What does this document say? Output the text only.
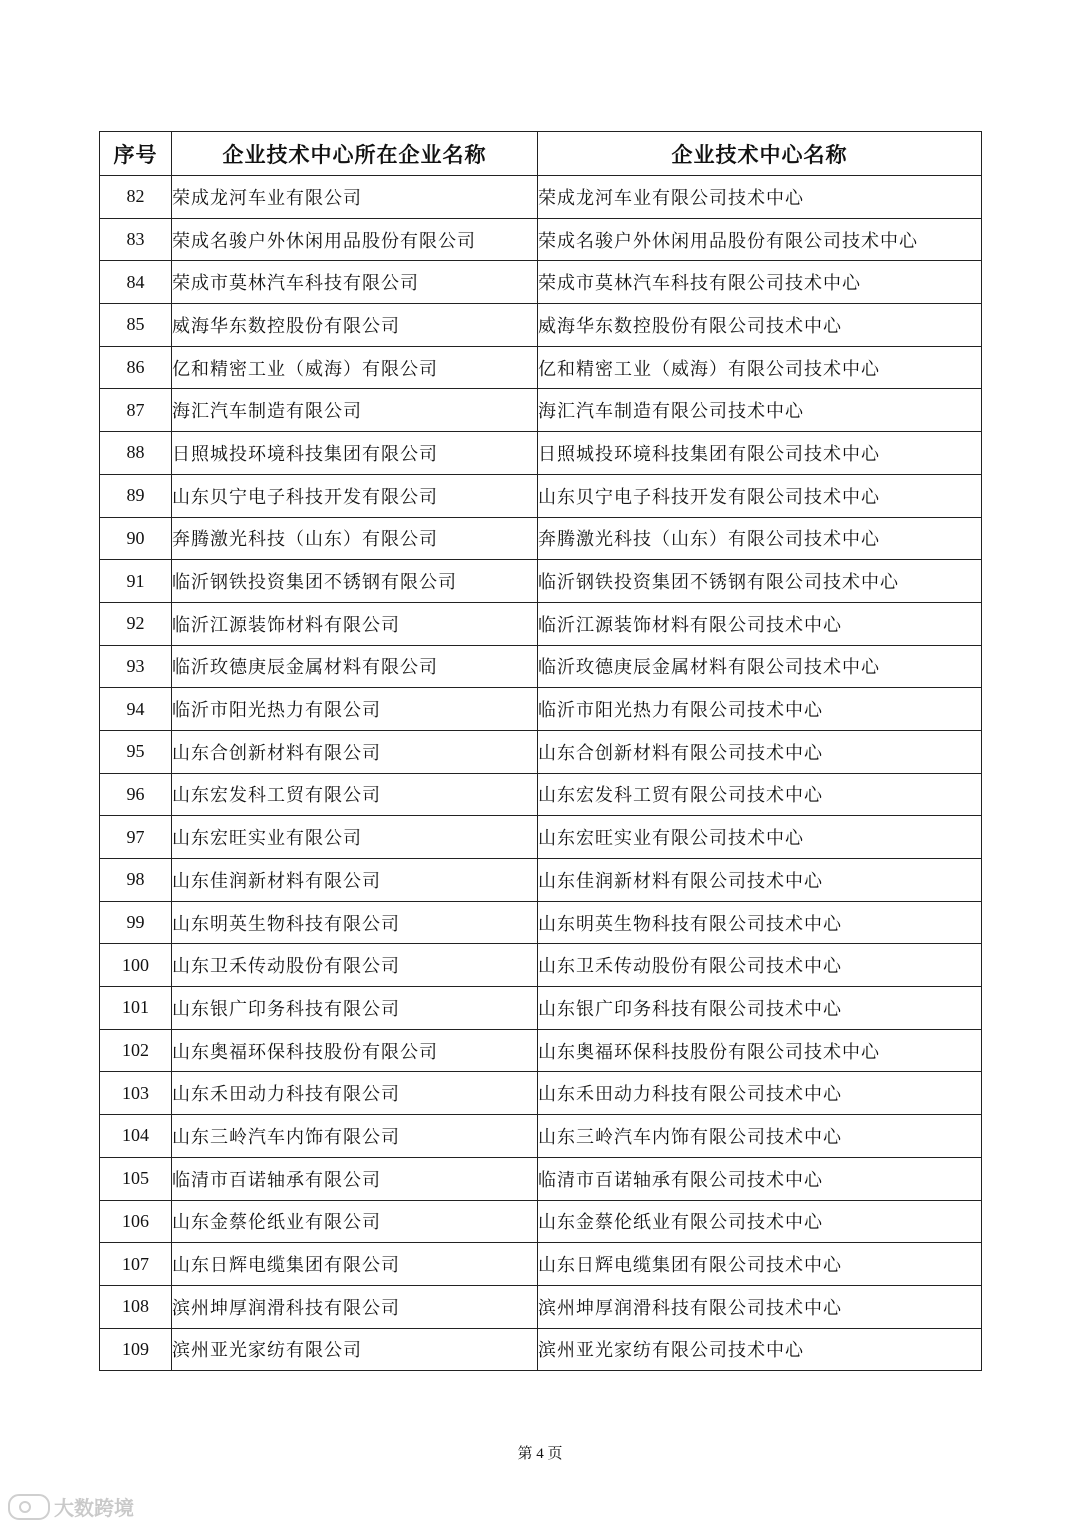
序号	企业技术中心所在企业名称	企业技术中心名称
82	荣成龙河车业有限公司	荣成龙河车业有限公司技术中心
83	荣成名骏户外休闲用品股份有限公司	荣成名骏户外休闲用品股份有限公司技术中心
84	荣成市莫林汽车科技有限公司	荣成市莫林汽车科技有限公司技术中心
85	威海华东数控股份有限公司	威海华东数控股份有限公司技术中心
86	亿和精密工业（威海）有限公司	亿和精密工业（威海）有限公司技术中心
87	海汇汽车制造有限公司	海汇汽车制造有限公司技术中心
88	日照城投环境科技集团有限公司	日照城投环境科技集团有限公司技术中心
89	山东贝宁电子科技开发有限公司	山东贝宁电子科技开发有限公司技术中心
90	奔腾激光科技（山东）有限公司	奔腾激光科技（山东）有限公司技术中心
91	临沂钢铁投资集团不锈钢有限公司	临沂钢铁投资集团不锈钢有限公司技术中心
92	临沂江源装饰材料有限公司	临沂江源装饰材料有限公司技术中心
93	临沂玫德庚辰金属材料有限公司	临沂玫德庚辰金属材料有限公司技术中心
94	临沂市阳光热力有限公司	临沂市阳光热力有限公司技术中心
95	山东合创新材料有限公司	山东合创新材料有限公司技术中心
96	山东宏发科工贸有限公司	山东宏发科工贸有限公司技术中心
97	山东宏旺实业有限公司	山东宏旺实业有限公司技术中心
98	山东佳润新材料有限公司	山东佳润新材料有限公司技术中心
99	山东明英生物科技有限公司	山东明英生物科技有限公司技术中心
100	山东卫禾传动股份有限公司	山东卫禾传动股份有限公司技术中心
101	山东银广印务科技有限公司	山东银广印务科技有限公司技术中心
102	山东奥福环保科技股份有限公司	山东奥福环保科技股份有限公司技术中心
103	山东禾田动力科技有限公司	山东禾田动力科技有限公司技术中心
104	山东三岭汽车内饰有限公司	山东三岭汽车内饰有限公司技术中心
105	临清市百诺轴承有限公司	临清市百诺轴承有限公司技术中心
106	山东金蔡伦纸业有限公司	山东金蔡伦纸业有限公司技术中心
107	山东日辉电缆集团有限公司	山东日辉电缆集团有限公司技术中心
108	滨州坤厚润滑科技有限公司	滨州坤厚润滑科技有限公司技术中心
109	滨州亚光家纺有限公司	滨州亚光家纺有限公司技术中心
第 4 页
大数跨境
